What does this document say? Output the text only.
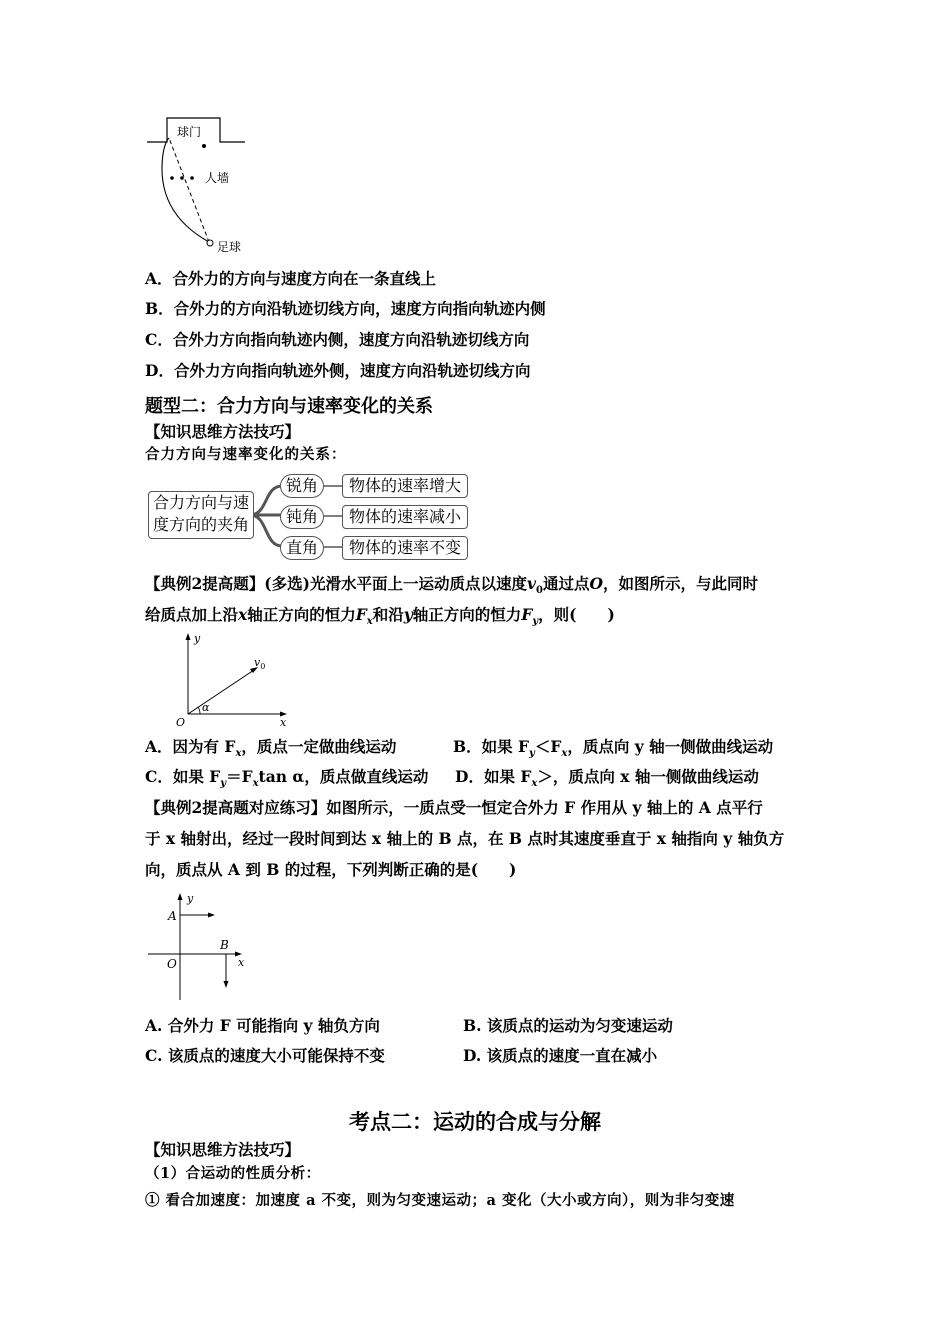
球门
人墙
足球
A．合外力的方向与速度方向在一条直线上
B．合外力的方向沿轨迹切线方向，速度方向指向轨迹内侧
C．合外力方向指向轨迹内侧，速度方向沿轨迹切线方向
D．合外力方向指向轨迹外侧，速度方向沿轨迹切线方向
题型二：合力方向与速率变化的关系
【知识思维方法技巧】
合力方向与速率变化的关系：
合力方向与速
度方向的夹角
锐角
钝角
直角
物体的速率增大
物体的速率减小
物体的速率不变
【典例2提高题】(多选)光滑水平面上一运动质点以速度$v_0$通过点O，如图所示，与此同时
给质点加上沿x轴正方向的恒力$F_x$和沿y轴正方向的恒力$F_y$，则(　　)
y
x
O
$v_0$
α
A．因为有 $F_x$，质点一定做曲线运动	B．如果 $F_y<F_x$，质点向 y 轴一侧做曲线运动
C．如果 $F_y=F_x\tan$ α，质点做直线运动 D．如果 $F_x>$，质点向 x 轴一侧做曲线运动
【典例2提高题对应练习】如图所示，一质点受一恒定合外力 F 作用从 y 轴上的 A 点平行
于 x 轴射出，经过一段时间到达 x 轴上的 B 点，在 B 点时其速度垂直于 x 轴指向 y 轴负方
向，质点从 A 到 B 的过程，下列判断正确的是(　　)
A
y
B
O	x
A. 合外力 F 可能指向 y 轴负方向	B. 该质点的运动为匀变速运动
C. 该质点的速度大小可能保持不变	D. 该质点的速度一直在减小
考点二：运动的合成与分解
【知识思维方法技巧】
（1）合运动的性质分析：
① 看合加速度：加速度 a 不变，则为匀变速运动；a 变化（大小或方向），则为非匀变速
